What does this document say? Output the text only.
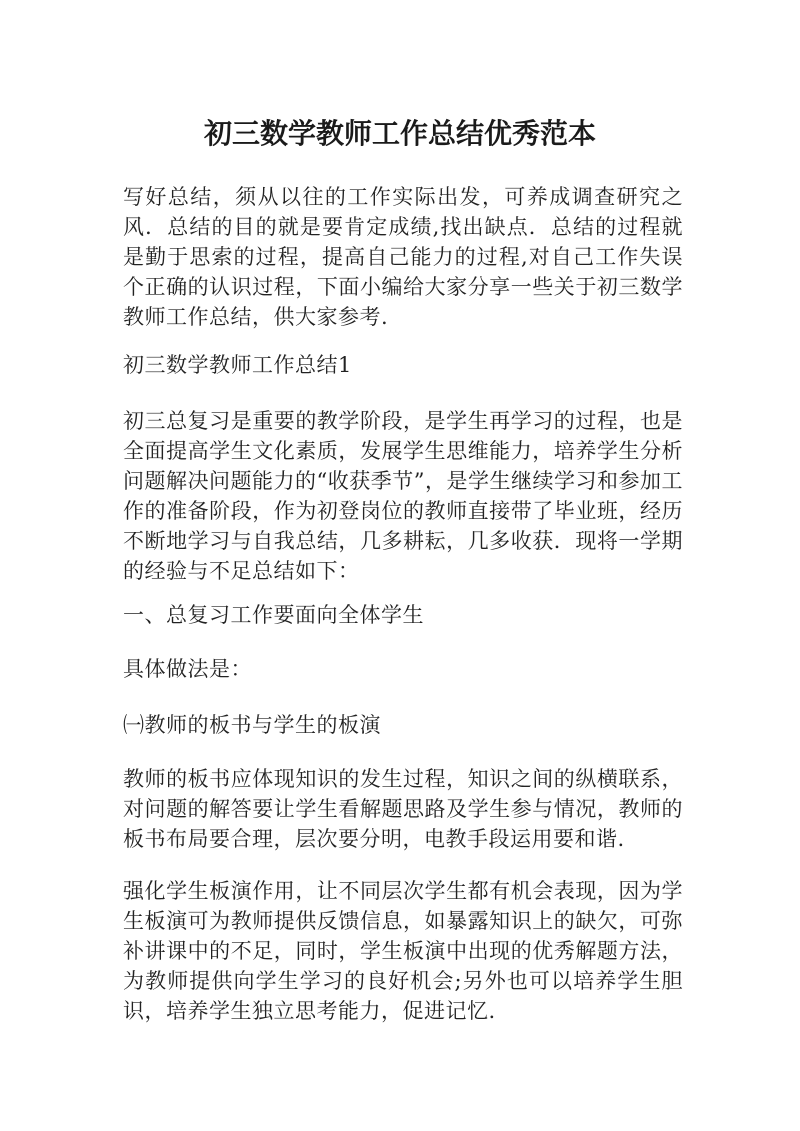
初三数学教师工作总结优秀范本

写好总结，须从以往的工作实际出发，可养成调查研究之风．总结的目的就是要肯定成绩,找出缺点．总结的过程就是勤于思索的过程，提高自己能力的过程,对自己工作失误个正确的认识过程，下面小编给大家分享一些关于初三数学教师工作总结，供大家参考.

初三数学教师工作总结1

初三总复习是重要的教学阶段，是学生再学习的过程，也是全面提高学生文化素质，发展学生思维能力，培养学生分析问题解决问题能力的“收获季节”，是学生继续学习和参加工作的准备阶段，作为初登岗位的教师直接带了毕业班，经历不断地学习与自我总结，几多耕耘，几多收获．现将一学期的经验与不足总结如下：

一、总复习工作要面向全体学生

具体做法是：

㈠教师的板书与学生的板演

教师的板书应体现知识的发生过程，知识之间的纵横联系，对问题的解答要让学生看解题思路及学生参与情况，教师的板书布局要合理，层次要分明，电教手段运用要和谐.

强化学生板演作用，让不同层次学生都有机会表现，因为学生板演可为教师提供反馈信息，如暴露知识上的缺欠，可弥补讲课中的不足，同时，学生板演中出现的优秀解题方法，为教师提供向学生学习的良好机会;另外也可以培养学生胆识，培养学生独立思考能力，促进记忆.
